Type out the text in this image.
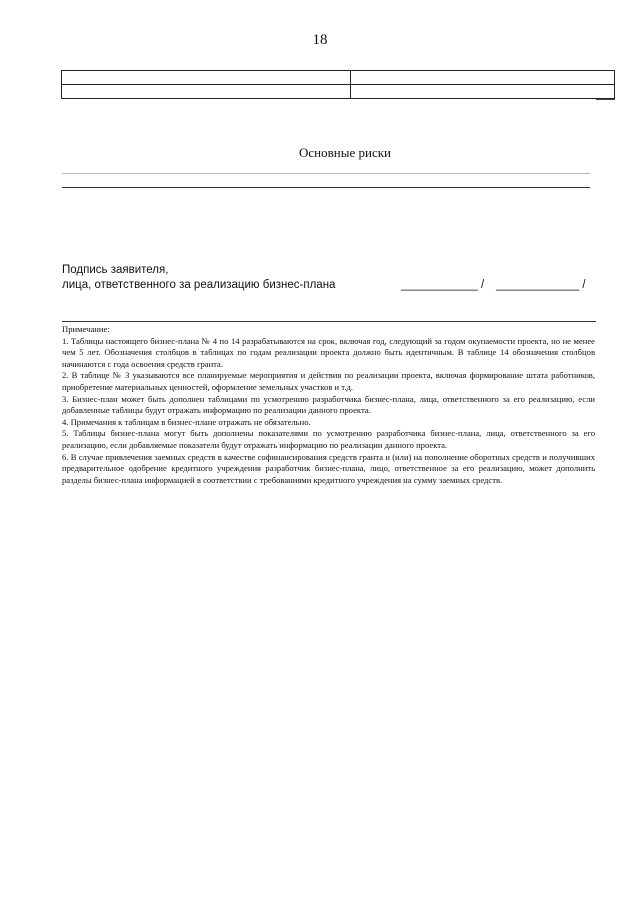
18

Основные риски
Подпись заявителя,
лица, ответственного за реализацию бизнес-плана	____________ / _____________ /

Примечание:

1. Таблицы настоящего бизнес-плана № 4 по 14 разрабатываются на срок, включая год, следующий за годом окупаемости проекта, но не менее чем 5 лет. Обозначения столбцов в таблицах по годам реализации проекта должно быть идентичным. В таблице 14 обозначения столбцов начинаются с года освоения средств гранта.

2. В таблице № 3 указываются все планируемые мероприятия и действия по реализации проекта, включая формирование штата работников, приобретение материальных ценностей, оформление земельных участков и т.д.

3. Бизнес-план может быть дополнен таблицами по усмотрению разработчика бизнес-плана, лица, ответственного за его реализацию, если добавленные таблицы будут отражать информацию по реализации данного проекта.

4. Примечания к таблицам в бизнес-плане отражать не обязательно.

5. Таблицы бизнес-плана могут быть дополнены показателями по усмотрению разработчика бизнес-плана, лица, ответственного за его реализацию, если добавляемые показатели будут отражать информацию по реализации данного проекта.

6. В случае привлечения заемных средств в качестве софинансирования средств гранта и (или) на пополнение оборотных средств и получивших предварительное одобрение кредитного учреждения разработчик бизнес-плана, лицо, ответственное за его реализацию, может дополнить разделы бизнес-плана информацией в соответствии с требованиями кредитного учреждения на сумму заемных средств.
